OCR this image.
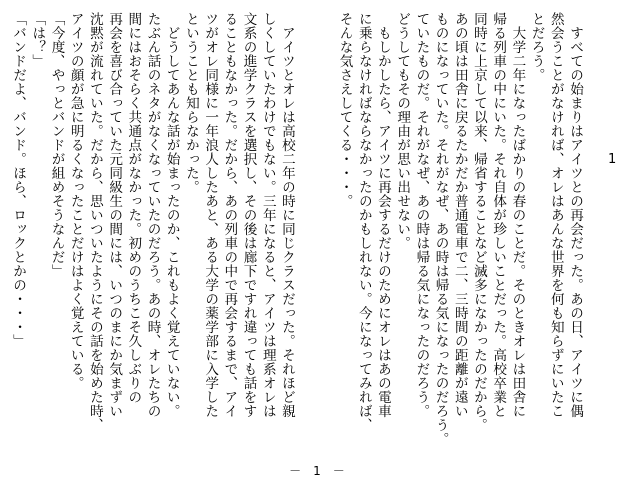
1

　すべての始まりはアイツとの再会だった。あの日、アイツに偶

然会うことがなければ、オレはあんな世界を何も知らずにいたこ

とだろう。

　大学二年になったばかりの春のことだ。そのときオレは田舎に

帰る列車の中にいた。それ自体が珍しいことだった。高校卒業と

同時に上京して以来、帰省することなど滅多になかったのだから。

あの頃は田舎に戻るたかだか普通電車で二、三時間の距離が遠い

ものになっていた。それがなぜ、あの時は帰る気になったのだろう。

ていたものだ。それがなぜ、あの時は帰る気になったのだろう。

どうしてもその理由が思い出せない。

　もしかしたら、アイツに再会するだけのためにオレはあの電車

に乗らなければならなかったのかもしれない。今になってみれば、

そんな気さえしてくる・・・。

　アイツとオレは高校二年の時に同じクラスだった。それほど親

しくしていたわけでもない。三年になると、アイツは理系オレは

文系の進学クラスを選択し、その後は廊下ですれ違っても話をす

ることもなかった。だから、あの列車の中で再会するまで、アイ

ツがオレ同様に一年浪人したあと、ある大学の薬学部に入学した

ということも知らなかった。

　どうしてあんな話が始まったのか、これもよく覚えていない。

たぶん話のネタがなくなっていたのだろう。あの時、オレたちの

間にはおそらく共通点がなかった。初めのうちこそ久しぶりの

再会を喜び合っていた元同級生の間には、いつのまにか気まずい

沈黙が流れていた。だから、思いついたようにその話を始めた時、

アイツの顔が急に明るくなったことだけはよく覚えている。

「今度、やっとバンドが組めそうなんだ」

「は？」

「バンドだよ、バンド。ほら、ロックとかの・・・」

－　1　－
